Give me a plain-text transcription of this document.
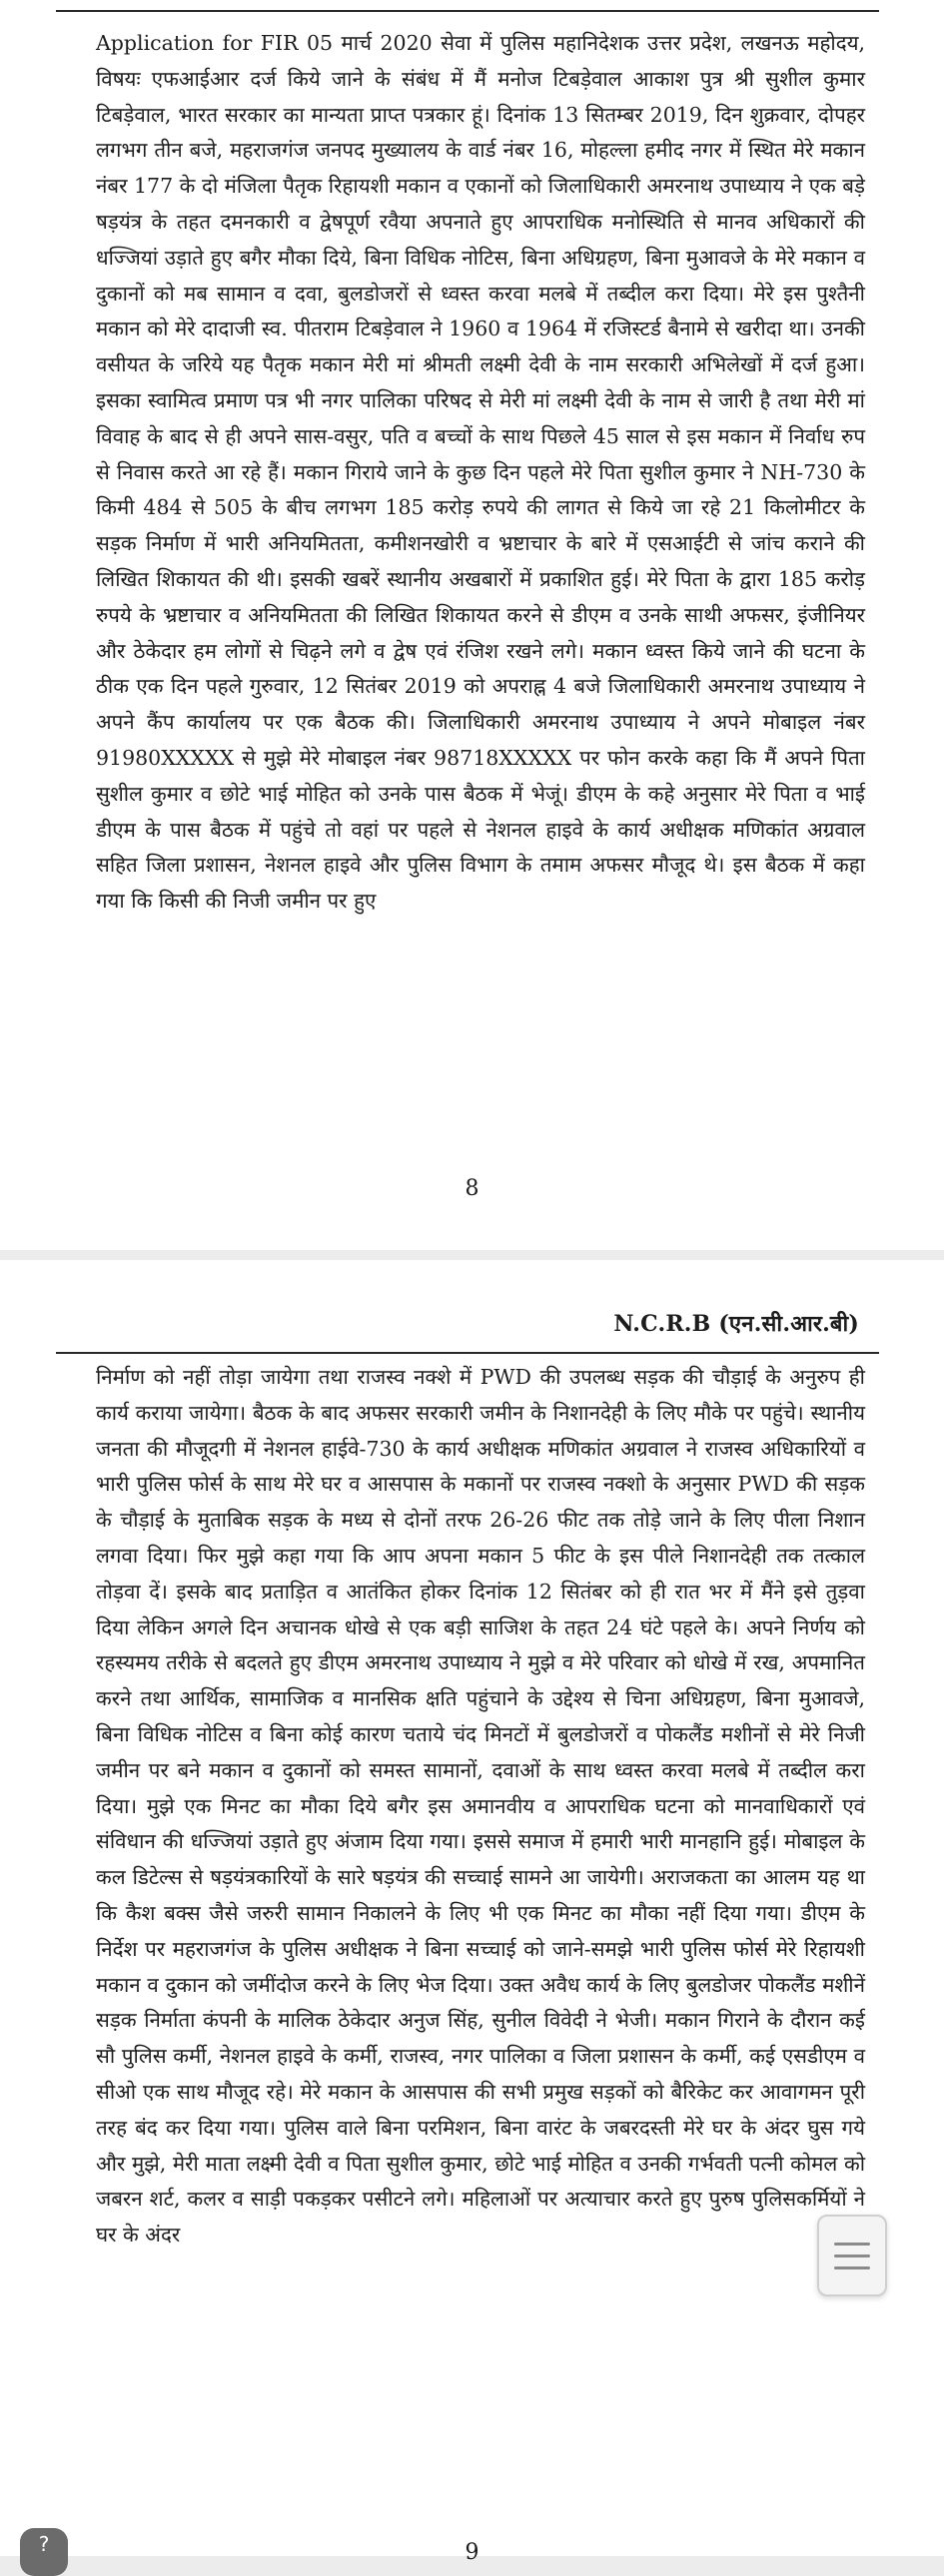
Application for FIR 05 मार्च 2020 सेवा में पुलिस महानिदेशक उत्तर प्रदेश, लखनऊ महोदय, विषयः एफआईआर दर्ज किये जाने के संबंध में मैं मनोज टिबड़ेवाल आकाश पुत्र श्री सुशील कुमार टिबड़ेवाल, भारत सरकार का मान्यता प्राप्त पत्रकार हूं। दिनांक 13 सितम्बर 2019, दिन शुक्रवार, दोपहर लगभग तीन बजे, महराजगंज जनपद मुख्यालय के वार्ड नंबर 16, मोहल्ला हमीद नगर में स्थित मेरे मकान नंबर 177 के दो मंजिला पैतृक रिहायशी मकान व एकानों को जिलाधिकारी अमरनाथ उपाध्याय ने एक बड़े षड़यंत्र के तहत दमनकारी व द्वेषपूर्ण रवैया अपनाते हुए आपराधिक मनोस्थिति से मानव अधिकारों की धज्जियां उड़ाते हुए बगैर मौका दिये, बिना विधिक नोटिस, बिना अधिग्रहण, बिना मुआवजे के मेरे मकान व दुकानों को मब सामान व दवा, बुलडोजरों से ध्वस्त करवा मलबे में तब्दील करा दिया। मेरे इस पुश्तैनी मकान को मेरे दादाजी स्व. पीतराम टिबड़ेवाल ने 1960 व 1964 में रजिस्टर्ड बैनामे से खरीदा था। उनकी वसीयत के जरिये यह पैतृक मकान मेरी मां श्रीमती लक्ष्मी देवी के नाम सरकारी अभिलेखों में दर्ज हुआ। इसका स्वामित्व प्रमाण पत्र भी नगर पालिका परिषद से मेरी मां लक्ष्मी देवी के नाम से जारी है तथा मेरी मां विवाह के बाद से ही अपने सास-वसुर, पति व बच्चों के साथ पिछले 45 साल से इस मकान में निर्वाध रुप से निवास करते आ रहे हैं। मकान गिराये जाने के कुछ दिन पहले मेरे पिता सुशील कुमार ने NH-730 के किमी 484 से 505 के बीच लगभग 185 करोड़ रुपये की लागत से किये जा रहे 21 किलोमीटर के सड़क निर्माण में भारी अनियमितता, कमीशनखोरी व भ्रष्टाचार के बारे में एसआईटी से जांच कराने की लिखित शिकायत की थी। इसकी खबरें स्थानीय अखबारों में प्रकाशित हुई। मेरे पिता के द्वारा 185 करोड़ रुपये के भ्रष्टाचार व अनियमितता की लिखित शिकायत करने से डीएम व उनके साथी अफसर, इंजीनियर और ठेकेदार हम लोगों से चिढ़ने लगे व द्वेष एवं रंजिश रखने लगे। मकान ध्वस्त किये जाने की घटना के ठीक एक दिन पहले गुरुवार, 12 सितंबर 2019 को अपराह्न 4 बजे जिलाधिकारी अमरनाथ उपाध्याय ने अपने कैंप कार्यालय पर एक बैठक की। जिलाधिकारी अमरनाथ उपाध्याय ने अपने मोबाइल नंबर 91980XXXXX से मुझे मेरे मोबाइल नंबर 98718XXXXX पर फोन करके कहा कि मैं अपने पिता सुशील कुमार व छोटे भाई मोहित को उनके पास बैठक में भेजूं। डीएम के कहे अनुसार मेरे पिता व भाई डीएम के पास बैठक में पहुंचे तो वहां पर पहले से नेशनल हाइवे के कार्य अधीक्षक मणिकांत अग्रवाल सहित जिला प्रशासन, नेशनल हाइवे और पुलिस विभाग के तमाम अफसर मौजूद थे। इस बैठक में कहा गया कि किसी की निजी जमीन पर हुए

8
N.C.R.B (एन.सी.आर.बी)

निर्माण को नहीं तोड़ा जायेगा तथा राजस्व नक्शे में PWD की उपलब्ध सड़क की चौड़ाई के अनुरुप ही कार्य कराया जायेगा। बैठक के बाद अफसर सरकारी जमीन के निशानदेही के लिए मौके पर पहुंचे। स्थानीय जनता की मौजूदगी में नेशनल हाईवे-730 के कार्य अधीक्षक मणिकांत अग्रवाल ने राजस्व अधिकारियों व भारी पुलिस फोर्स के साथ मेरे घर व आसपास के मकानों पर राजस्व नक्शो के अनुसार PWD की सड़क के चौड़ाई के मुताबिक सड़क के मध्य से दोनों तरफ 26-26 फीट तक तोड़े जाने के लिए पीला निशान लगवा दिया। फिर मुझे कहा गया कि आप अपना मकान 5 फीट के इस पीले निशानदेही तक तत्काल तोड़वा दें। इसके बाद प्रताड़ित व आतंकित होकर दिनांक 12 सितंबर को ही रात भर में मैंने इसे तुड़वा दिया लेकिन अगले दिन अचानक धोखे से एक बड़ी साजिश के तहत 24 घंटे पहले के। अपने निर्णय को रहस्यमय तरीके से बदलते हुए डीएम अमरनाथ उपाध्याय ने मुझे व मेरे परिवार को धोखे में रख, अपमानित करने तथा आर्थिक, सामाजिक व मानसिक क्षति पहुंचाने के उद्देश्य से चिना अधिग्रहण, बिना मुआवजे, बिना विधिक नोटिस व बिना कोई कारण चताये चंद मिनटों में बुलडोजरों व पोकलैंड मशीनों से मेरे निजी जमीन पर बने मकान व दुकानों को समस्त सामानों, दवाओं के साथ ध्वस्त करवा मलबे में तब्दील करा दिया। मुझे एक मिनट का मौका दिये बगैर इस अमानवीय व आपराधिक घटना को मानवाधिकारों एवं संविधान की धज्जियां उड़ाते हुए अंजाम दिया गया। इससे समाज में हमारी भारी मानहानि हुई। मोबाइल के कल डिटेल्स से षड़यंत्रकारियों के सारे षड़यंत्र की सच्चाई सामने आ जायेगी। अराजकता का आलम यह था कि कैश बक्स जैसे जरुरी सामान निकालने के लिए भी एक मिनट का मौका नहीं दिया गया। डीएम के निर्देश पर महराजगंज के पुलिस अधीक्षक ने बिना सच्चाई को जाने-समझे भारी पुलिस फोर्स मेरे रिहायशी मकान व दुकान को जमींदोज करने के लिए भेज दिया। उक्त अवैध कार्य के लिए बुलडोजर पोकलैंड मशीनें सड़क निर्माता कंपनी के मालिक ठेकेदार अनुज सिंह, सुनील विवेदी ने भेजी। मकान गिराने के दौरान कई सौ पुलिस कर्मी, नेशनल हाइवे के कर्मी, राजस्व, नगर पालिका व जिला प्रशासन के कर्मी, कई एसडीएम व सीओ एक साथ मौजूद रहे। मेरे मकान के आसपास की सभी प्रमुख सड़कों को बैरिकेट कर आवागमन पूरी तरह बंद कर दिया गया। पुलिस वाले बिना परमिशन, बिना वारंट के जबरदस्ती मेरे घर के अंदर घुस गये और मुझे, मेरी माता लक्ष्मी देवी व पिता सुशील कुमार, छोटे भाई मोहित व उनकी गर्भवती पत्नी कोमल को जबरन शर्ट, कलर व साड़ी पकड़कर पसीटने लगे। महिलाओं पर अत्याचार करते हुए पुरुष पुलिसकर्मियों ने घर के अंदर

9
?
